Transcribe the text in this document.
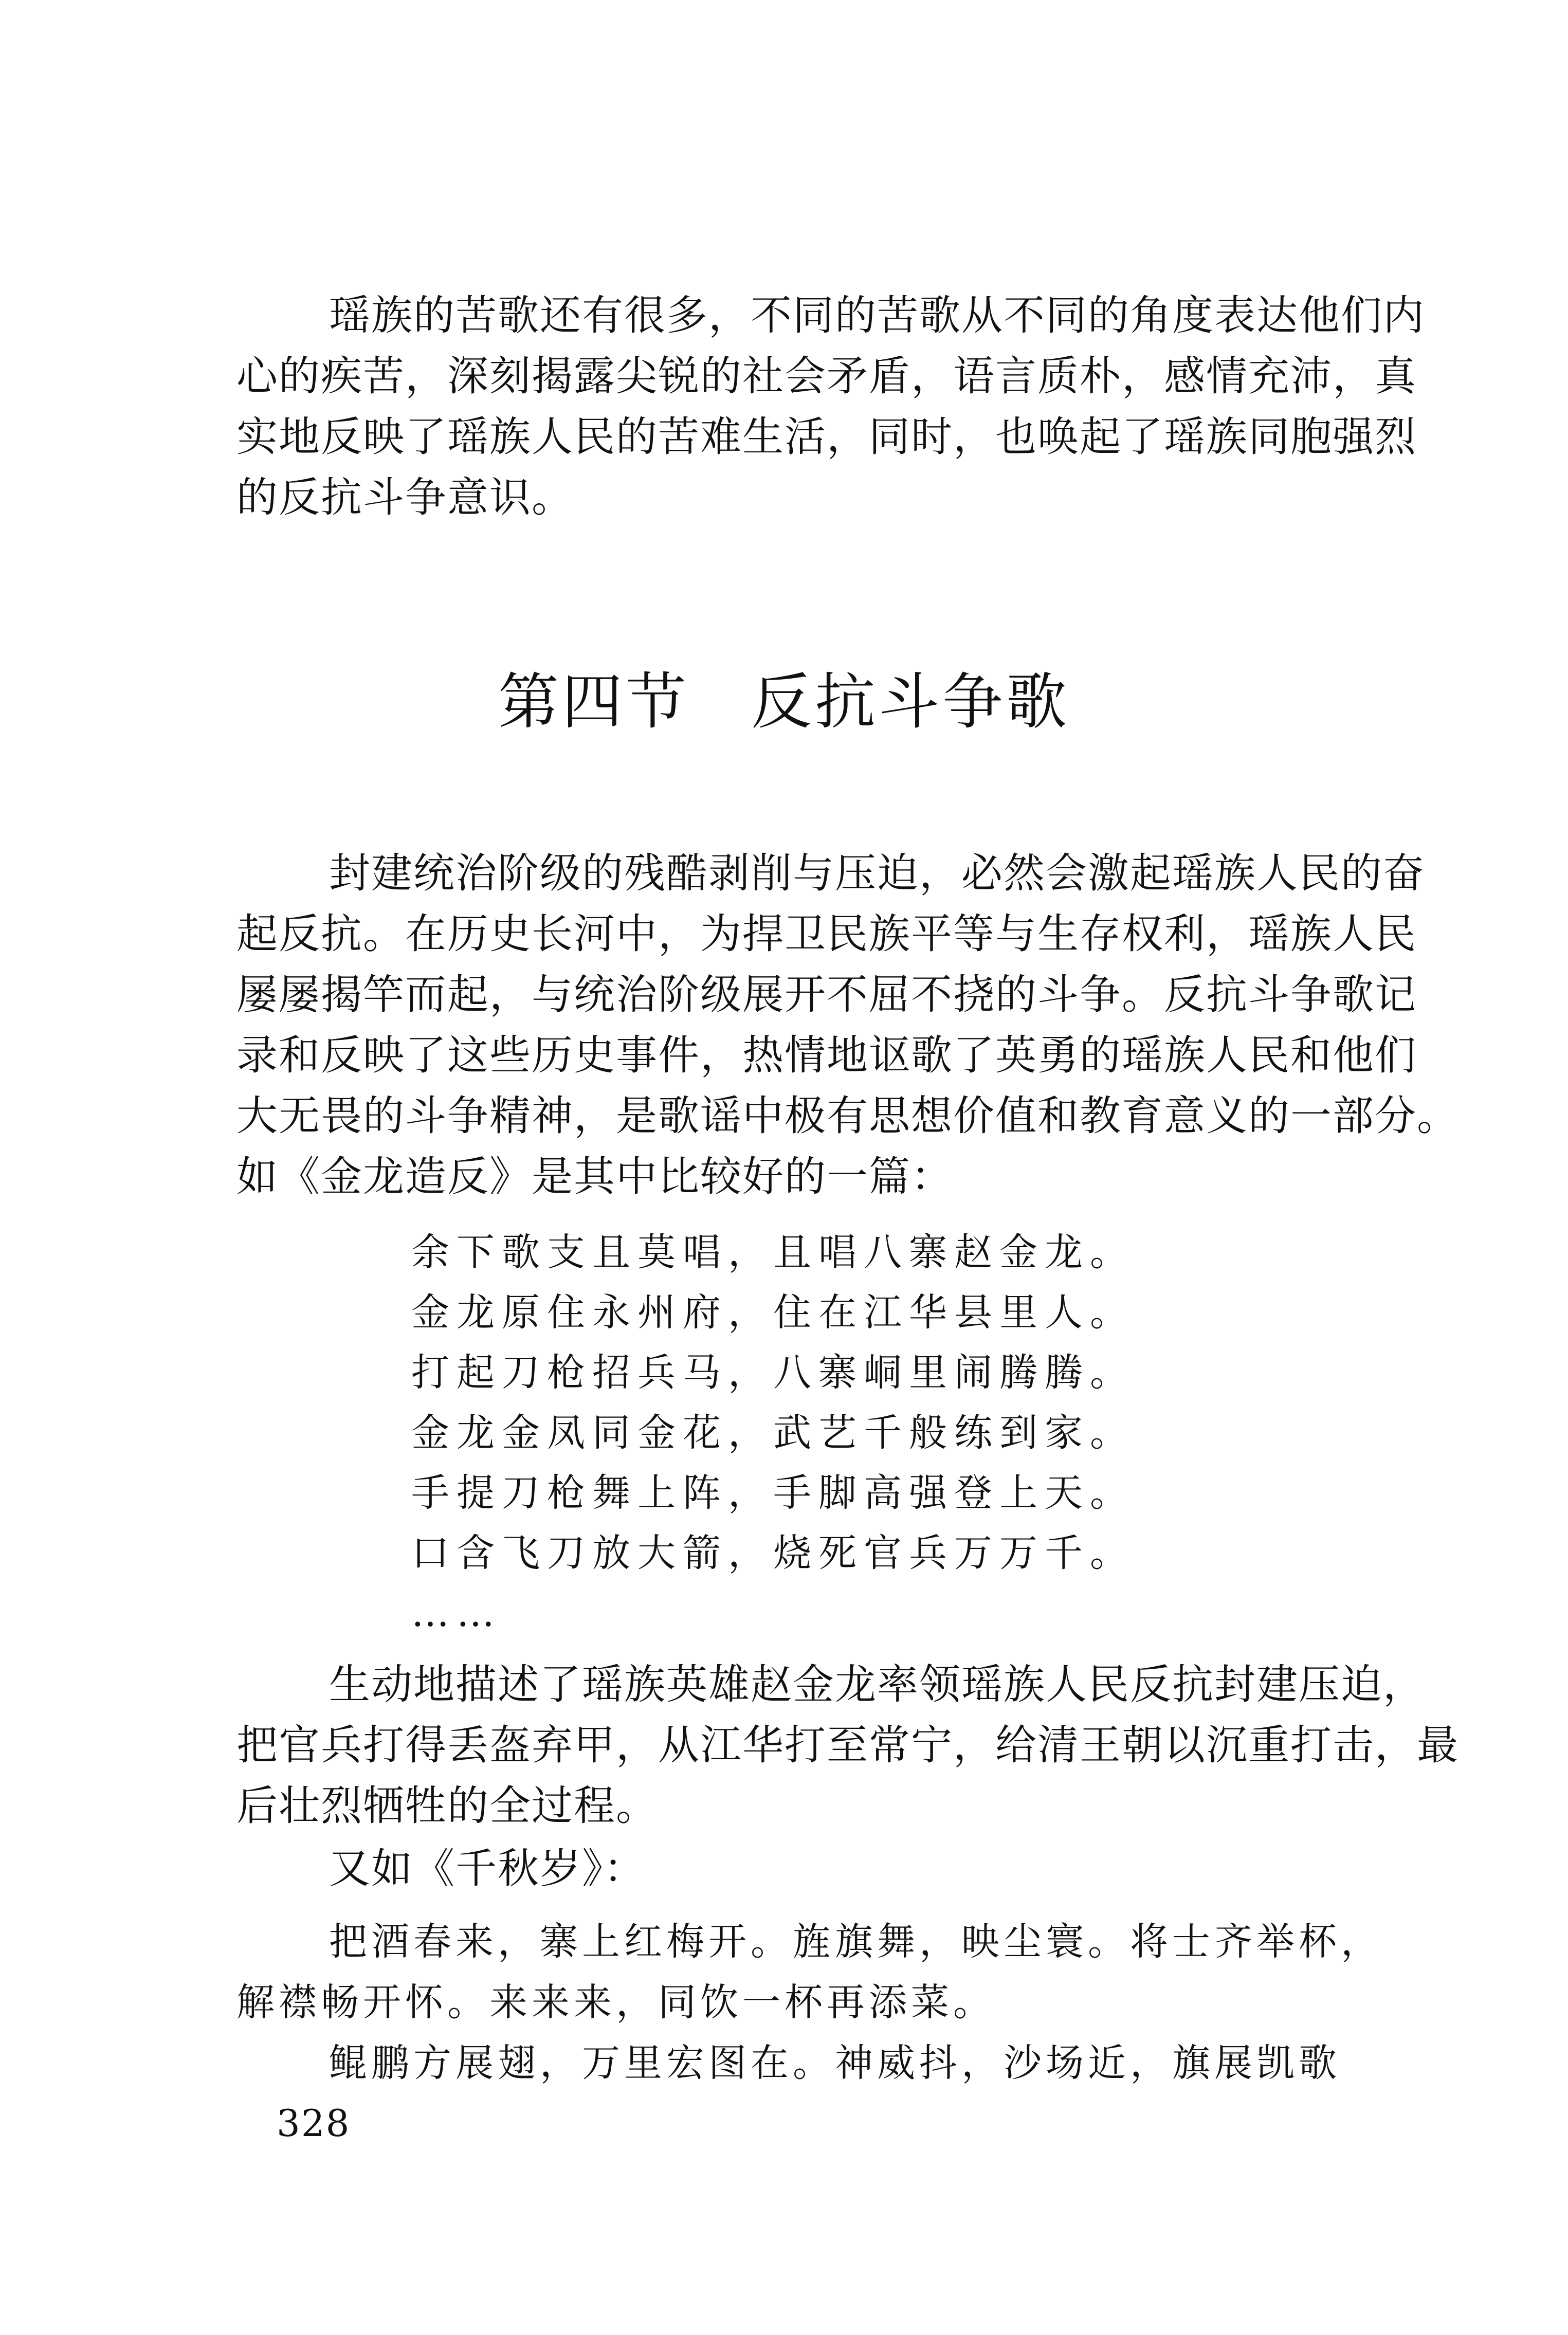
瑶族的苦歌还有很多，不同的苦歌从不同的角度表达他们内
心的疾苦，深刻揭露尖锐的社会矛盾，语言质朴，感情充沛，真
实地反映了瑶族人民的苦难生活，同时，也唤起了瑶族同胞强烈
的反抗斗争意识。

第四节 反抗斗争歌

封建统治阶级的残酷剥削与压迫，必然会激起瑶族人民的奋
起反抗。在历史长河中，为捍卫民族平等与生存权利，瑶族人民
屡屡揭竿而起，与统治阶级展开不屈不挠的斗争。反抗斗争歌记
录和反映了这些历史事件，热情地讴歌了英勇的瑶族人民和他们
大无畏的斗争精神，是歌谣中极有思想价值和教育意义的一部分。
如《金龙造反》是其中比较好的一篇：

余下歌支且莫唱，且唱八寨赵金龙。
金龙原住永州府，住在江华县里人。
打起刀枪招兵马，八寨峒里闹腾腾。
金龙金凤同金花，武艺千般练到家。
手提刀枪舞上阵，手脚高强登上天。
口含飞刀放大箭，烧死官兵万万千。
……

生动地描述了瑶族英雄赵金龙率领瑶族人民反抗封建压迫，
把官兵打得丢盔弃甲，从江华打至常宁，给清王朝以沉重打击，最
后壮烈牺牲的全过程。

又如《千秋岁》：

把酒春来，寨上红梅开。旌旗舞，映尘寰。将士齐举杯，
解襟畅开怀。来来来，同饮一杯再添菜。
鲲鹏方展翅，万里宏图在。神威抖，沙场近，旗展凯歌

328
